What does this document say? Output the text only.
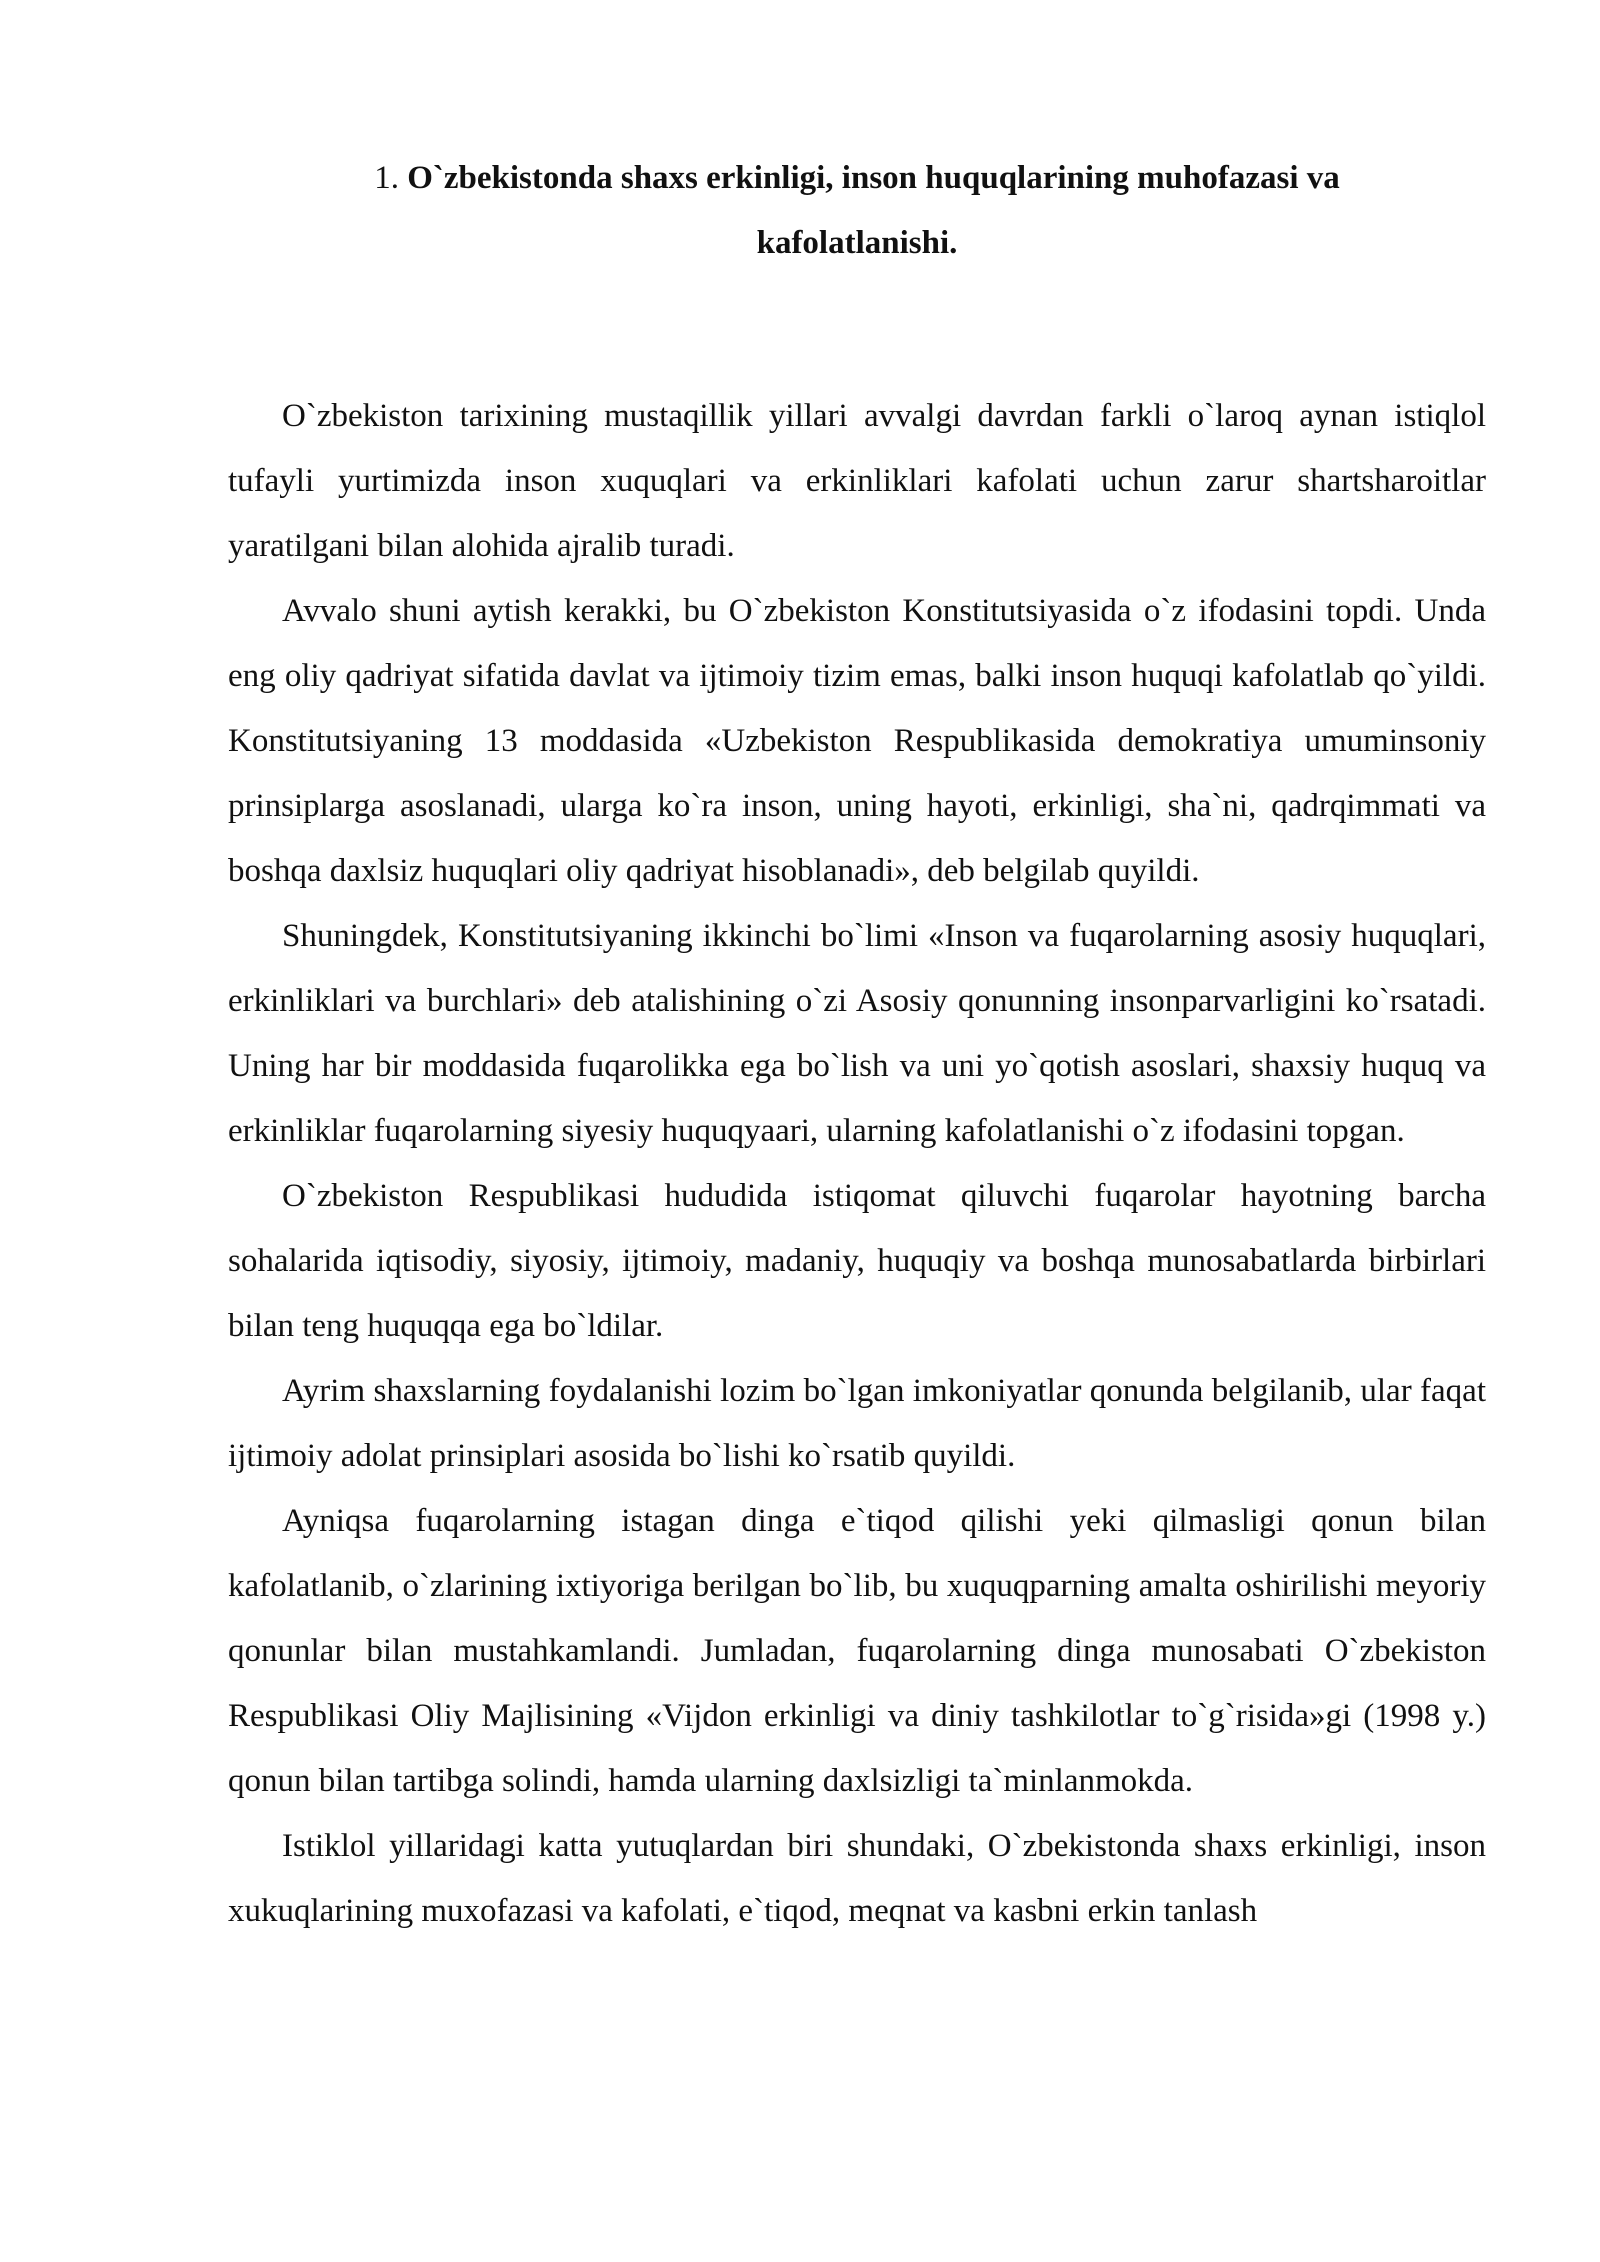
1. O`zbekistonda shaxs erkinligi, inson huquqlarining muhofazasi va kafolatlanishi.

O`zbekiston tarixining mustaqillik yillari avvalgi davrdan farkli o`laroq aynan istiqlol tufayli yurtimizda inson xuquqlari va erkinliklari kafolati uchun zarur shartsharoitlar yaratilgani bilan alohida ajralib turadi.

Avvalo shuni aytish kerakki, bu O`zbekiston Konstitutsiyasida o`z ifodasini topdi. Unda eng oliy qadriyat sifatida davlat va ijtimoiy tizim emas, balki inson huquqi kafolatlab qo`yildi. Konstitutsiyaning 13 moddasida «Uzbekiston Respublikasida demokratiya umuminsoniy prinsiplarga asoslanadi, ularga ko`ra inson, uning hayoti, erkinligi, sha`ni, qadrqimmati va boshqa daxlsiz huquqlari oliy qadriyat hisoblanadi», deb belgilab quyildi.

Shuningdek, Konstitutsiyaning ikkinchi bo`limi «Inson va fuqarolarning asosiy huquqlari, erkinliklari va burchlari» deb atalishining o`zi Asosiy qonunning insonparvarligini ko`rsatadi. Uning har bir moddasida fuqarolikka ega bo`lish va uni yo`qotish asoslari, shaxsiy huquq va erkinliklar fuqarolarning siyesiy huquqyaari, ularning kafolatlanishi o`z ifodasini topgan.

O`zbekiston Respublikasi hududida istiqomat qiluvchi fuqarolar hayotning barcha sohalarida iqtisodiy, siyosiy, ijtimoiy, madaniy, huquqiy va boshqa munosabatlarda birbirlari bilan teng huquqqa ega bo`ldilar.

Ayrim shaxslarning foydalanishi lozim bo`lgan imkoniyatlar qonunda belgilanib, ular faqat ijtimoiy adolat prinsiplari asosida bo`lishi ko`rsatib quyildi.

Ayniqsa fuqarolarning istagan dinga e`tiqod qilishi yeki qilmasligi qonun bilan kafolatlanib, o`zlarining ixtiyoriga berilgan bo`lib, bu xuquqparning amalta oshirilishi meyoriy qonunlar bilan mustahkamlandi. Jumladan, fuqarolarning dinga munosabati O`zbekiston Respublikasi Oliy Majlisining «Vijdon erkinligi va diniy tashkilotlar to`g`risida»gi (1998 y.) qonun bilan tartibga solindi, hamda ularning daxlsizligi ta`minlanmokda.

Istiklol yillaridagi katta yutuqlardan biri shundaki, O`zbekistonda shaxs erkinligi, inson xukuqlarining muxofazasi va kafolati, e`tiqod, meqnat va kasbni erkin tanlash
